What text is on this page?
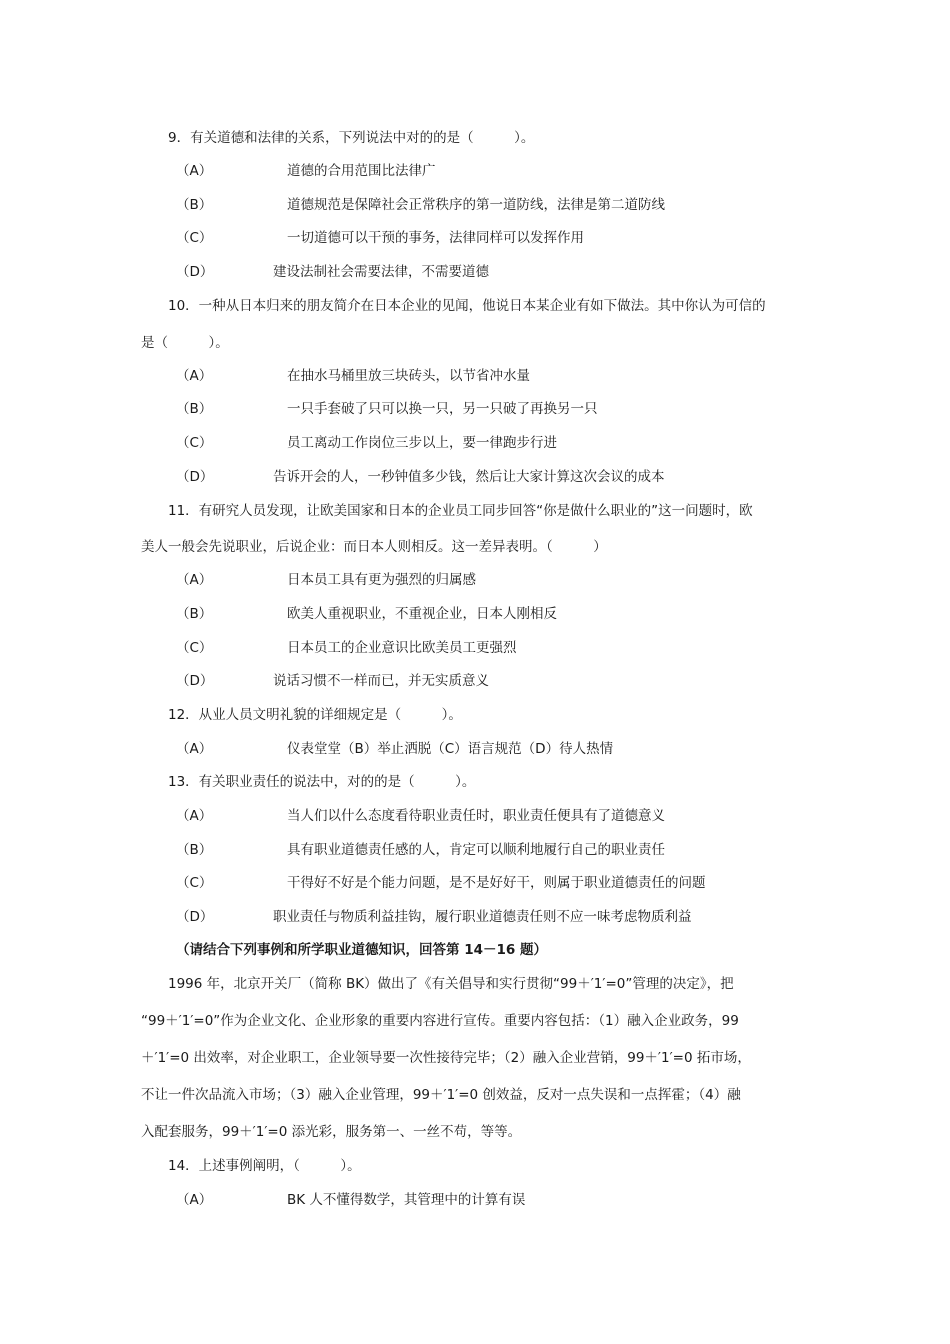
9．有关道德和法律的关系，下列说法中对的的是（　　　）。
（A）	道德的合用范围比法律广
（B）	道德规范是保障社会正常秩序的第一道防线，法律是第二道防线
（C）	一切道德可以干预的事务，法律同样可以发挥作用
（D）	建设法制社会需要法律，不需要道德
10．一种从日本归来的朋友简介在日本企业的见闻，他说日本某企业有如下做法。其中你认为可信的
是（　　　）。
（A）	在抽水马桶里放三块砖头，以节省冲水量
（B）	一只手套破了只可以换一只，另一只破了再换另一只
（C）	员工离动工作岗位三步以上，要一律跑步行进
（D）	告诉开会的人，一秒钟值多少钱，然后让大家计算这次会议的成本
11．有研究人员发现，让欧美国家和日本的企业员工同步回答“你是做什么职业的”这一问题时，欧
美人一般会先说职业，后说企业：而日本人则相反。这一差异表明。（　　　）
（A）	日本员工具有更为强烈的归属感
（B）	欧美人重视职业，不重视企业，日本人刚相反
（C）	日本员工的企业意识比欧美员工更强烈
（D）	说话习惯不一样而已，并无实质意义
12．从业人员文明礼貌的详细规定是（　　　）。
（A）	仪表堂堂（B）举止洒脱（C）语言规范（D）待人热情
13．有关职业责任的说法中，对的的是（　　　）。
（A）	当人们以什么态度看待职业责任时，职业责任便具有了道德意义
（B）	具有职业道德责任感的人，肯定可以顺利地履行自己的职业责任
（C）	干得好不好是个能力问题，是不是好好干，则属于职业道德责任的问题
（D）	职业责任与物质利益挂钩，履行职业道德责任则不应一味考虑物质利益
（请结合下列事例和所学职业道德知识，回答第 14－16 题）
1996 年，北京开关厂（简称 BK）做出了《有关倡导和实行贯彻“99＋′1′=0”管理的决定》，把
“99＋′1′=0”作为企业文化、企业形象的重要内容进行宣传。重要内容包括：（1）融入企业政务，99
＋′1′=0 出效率，对企业职工，企业领导要一次性接待完毕；（2）融入企业营销，99＋′1′=0 拓市场，
不让一件次品流入市场；（3）融入企业管理，99＋′1′=0 创效益，反对一点失误和一点挥霍；（4）融
入配套服务，99＋′1′=0 添光彩，服务第一、一丝不苟，等等。
14．上述事例阐明，（　　　）。
（A）	BK 人不懂得数学，其管理中的计算有误
